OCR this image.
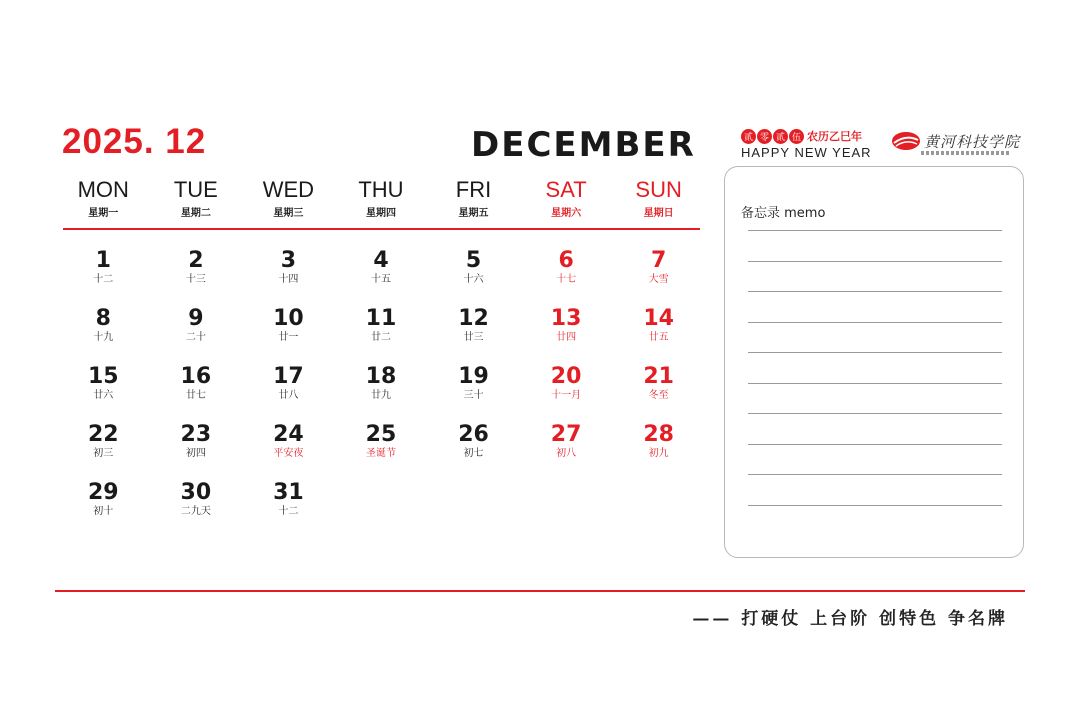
2025. 12	DECEMBER	贰 零 贰 伍 农历乙巳年
HAPPY NEW YEAR
黄河科技学院
MON
星期一
TUE
星期二
WED
星期三
THU
星期四
FRI
星期五
SAT
星期六
SUN
星期日
1
十二
2
十三
3
十四
4
十五
5
十六
6
十七
7
大雪
8
十九
9
二十
10
廿一
11
廿二
12
廿三
13
廿四
14
廿五
15
廿六
16
廿七
17
廿八
18
廿九
19
三十
20
十一月
21
冬至
22
初三
23
初四
24
平安夜
25
圣诞节
26
初七
27
初八
28
初九
29
初十
30
二九天
31
十二
备忘录 memo
—— 打硬仗 上台阶 创特色 争名牌
